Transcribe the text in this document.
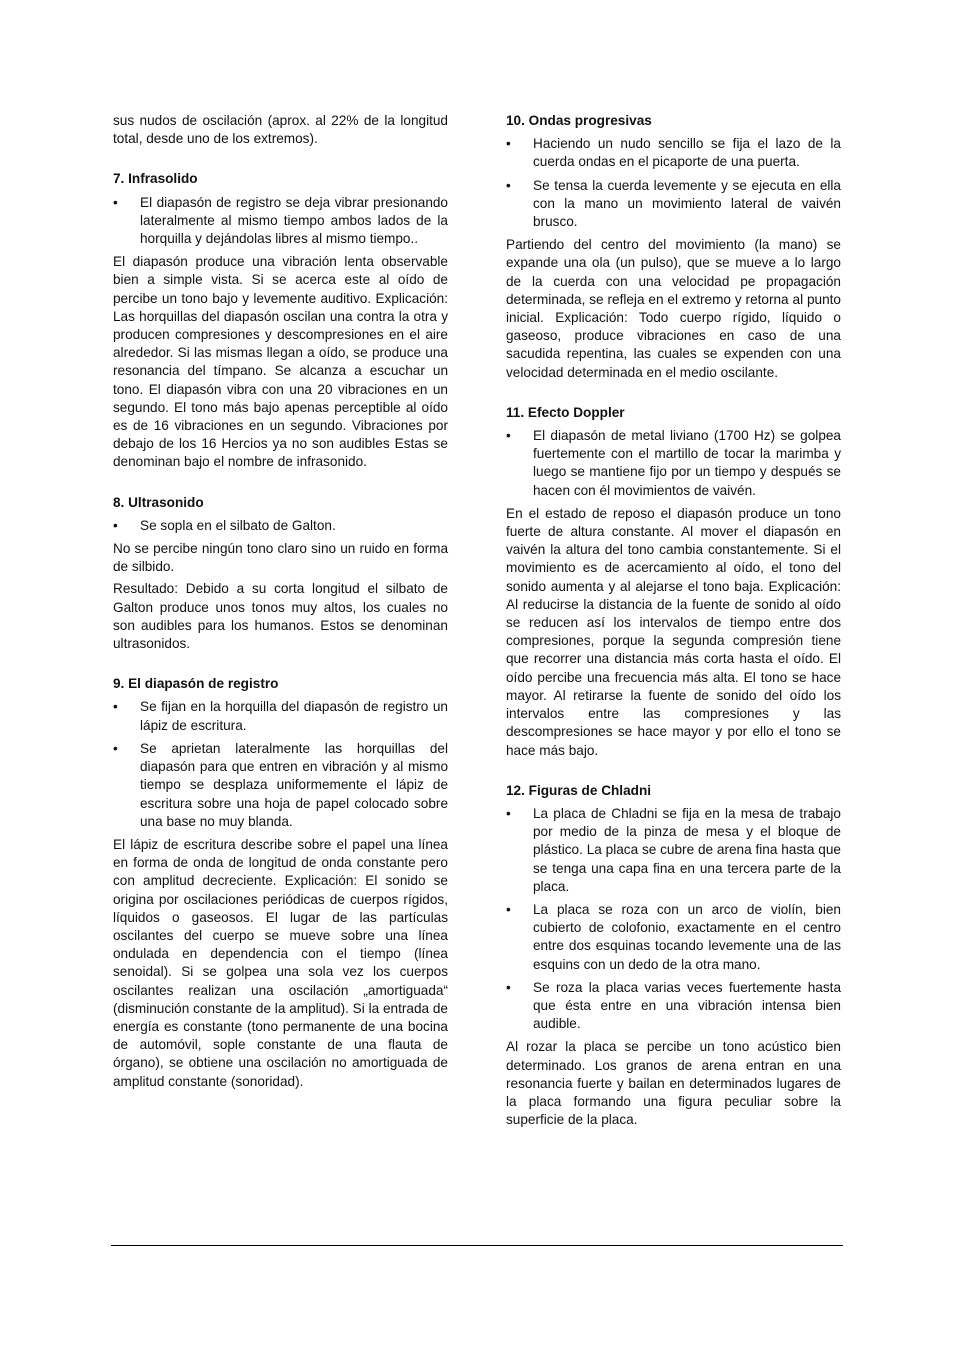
sus nudos de oscilación (aprox. al 22% de la longitud total, desde uno de los extremos).

7. Infrasolido
•	El diapasón de registro se deja vibrar presionando lateralmente al mismo tiempo ambos lados de la horquilla y dejándolas libres al mismo tiempo..

El diapasón produce una vibración lenta observable bien a simple vista. Si se acerca este al oído de percibe un tono bajo y levemente auditivo. Explicación: Las horquillas del diapasón oscilan una contra la otra y producen compresiones y descompresiones en el aire alrededor. Si las mismas llegan a oído, se produce una resonancia del tímpano. Se alcanza a escuchar un tono. El diapasón vibra con una 20 vibraciones en un segundo. El tono más bajo apenas perceptible al oído es de 16 vibraciones en un segundo. Vibraciones por debajo de los 16 Hercios ya no son audibles Estas se denominan bajo el nombre de infrasonido.

8. Ultrasonido
•	Se sopla en el silbato de Galton.

No se percibe ningún tono claro sino un ruido en forma de silbido.

Resultado: Debido a su corta longitud el silbato de Galton produce unos tonos muy altos, los cuales no son audibles para los humanos. Estos se denominan ultrasonidos.

9. El diapasón de registro
•	Se fijan en la horquilla del diapasón de registro un lápiz de escritura.
•	Se aprietan lateralmente las horquillas del diapasón para que entren en vibración y al mismo tiempo se desplaza uniformemente el lápiz de escritura sobre una hoja de papel colocado sobre una base no muy blanda.

El lápiz de escritura describe sobre el papel una línea en forma de onda de longitud de onda constante pero con amplitud decreciente. Explicación: El sonido se origina por oscilaciones periódicas de cuerpos rígidos, líquidos o gaseosos. El lugar de las partículas oscilantes del cuerpo se mueve sobre una línea ondulada en dependencia con el tiempo (línea senoidal). Si se golpea una sola vez los cuerpos oscilantes realizan una oscilación „amortiguada“ (disminución constante de la amplitud). Si la entrada de energía es constante (tono permanente de una bocina de automóvil, sople constante de una flauta de órgano), se obtiene una oscilación no amortiguada de amplitud constante (sonoridad).

10. Ondas progresivas
•	Haciendo un nudo sencillo se fija el lazo de la cuerda ondas en el picaporte de una puerta.
•	Se tensa la cuerda levemente y se ejecuta en ella con la mano un movimiento lateral de vaivén brusco.

Partiendo del centro del movimiento (la mano) se expande una ola (un pulso), que se mueve a lo largo de la cuerda con una velocidad pe propagación determinada, se refleja en el extremo y retorna al punto inicial. Explicación: Todo cuerpo rígido, líquido o gaseoso, produce vibraciones en caso de una sacudida repentina, las cuales se expenden con una velocidad determinada en el medio oscilante.

11. Efecto Doppler
•	El diapasón de metal liviano (1700 Hz) se golpea fuertemente con el martillo de tocar la marimba y luego se mantiene fijo por un tiempo y después se hacen con él movimientos de vaivén.

En el estado de reposo el diapasón produce un tono fuerte de altura constante. Al mover el diapasón en vaivén la altura del tono cambia constantemente. Si el movimiento es de acercamiento al oído, el tono del sonido aumenta y al alejarse el tono baja. Explicación: Al reducirse la distancia de la fuente de sonido al oído se reducen así los intervalos de tiempo entre dos compresiones, porque la segunda compresión tiene que recorrer una distancia más corta hasta el oído. El oído percibe una frecuencia más alta. El tono se hace mayor. Al retirarse la fuente de sonido del oído los intervalos entre las compresiones y las descompresiones se hace mayor y por ello el tono se hace más bajo.

12. Figuras de Chladni
•	La placa de Chladni se fija en la mesa de trabajo por medio de la pinza de mesa y el bloque de plástico. La placa se cubre de arena fina hasta que se tenga una capa fina en una tercera parte de la placa.
•	La placa se roza con un arco de violín, bien cubierto de colofonio, exactamente en el centro entre dos esquinas tocando levemente una de las esquins con un dedo de la otra mano.
•	Se roza la placa varias veces fuertemente hasta que ésta entre en una vibración intensa bien audible.

Al rozar la placa se percibe un tono acústico bien determinado. Los granos de arena entran en una resonancia fuerte y bailan en determinados lugares de la placa formando una figura peculiar sobre la superficie de la placa.
